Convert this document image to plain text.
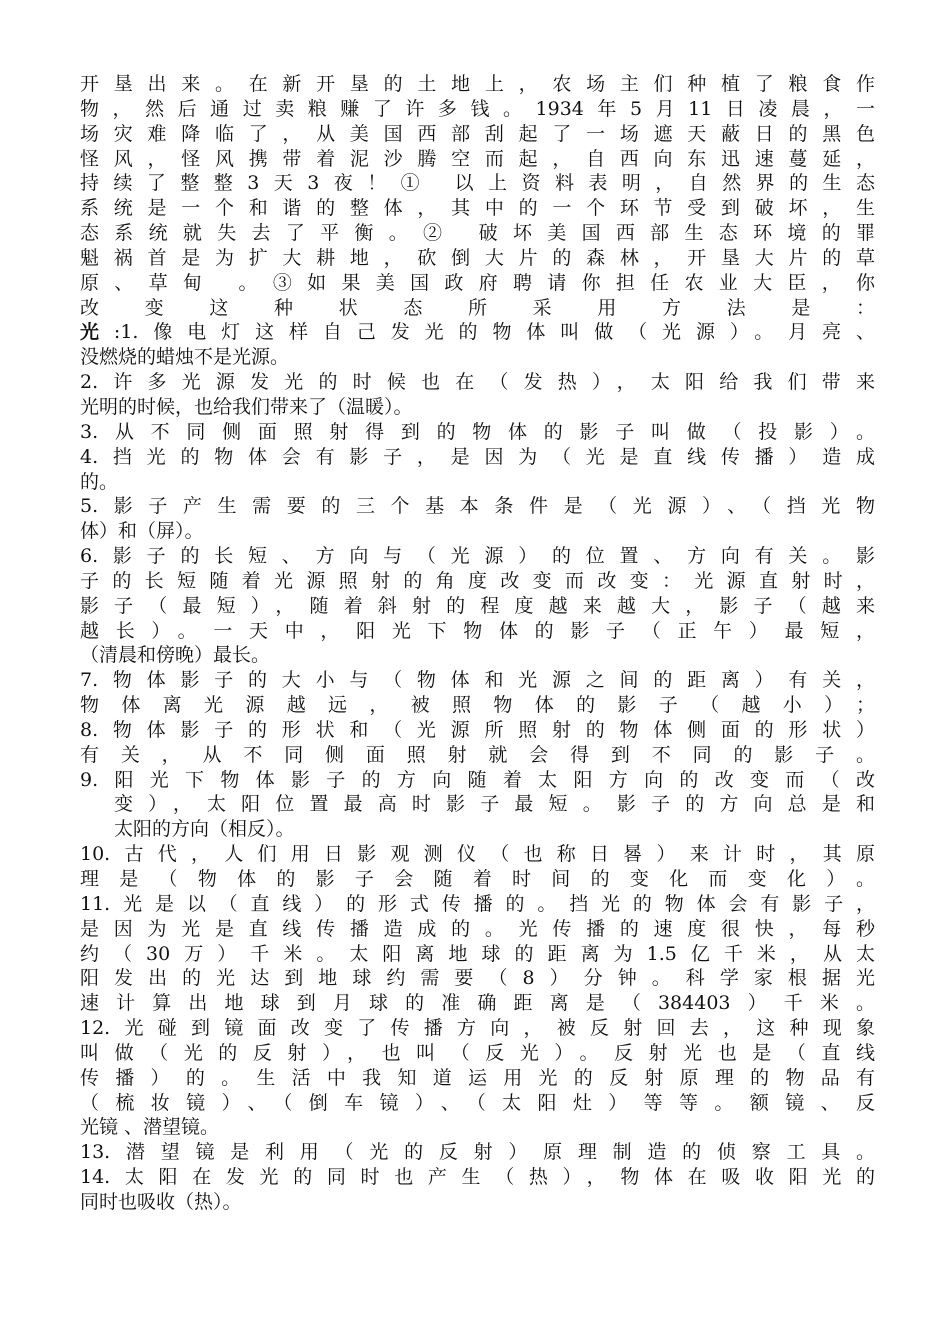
开垦出来。在新开垦的土地上，农场主们种植了粮食作
物，然后通过卖粮赚了许多钱。1934年5月11日凌晨，一
场灾难降临了，从美国西部刮起了一场遮天蔽日的黑色
怪风，怪风携带着泥沙腾空而起，自西向东迅速蔓延，
持续了整整3天3夜！① 以上资料表明，自然界的生态
系统是一个和谐的整体，其中的一个环节受到破坏，生
态系统就失去了平衡。② 破坏美国西部生态环境的罪
魁祸首是为扩大耕地，砍倒大片的森林，开垦大片的草
原、草甸 。③如果美国政府聘请你担任农业大臣，你
改变这种状态所采用方法是：
光:1.像电灯这样自己发光的物体叫做（光源）。月亮、
没燃烧的蜡烛不是光源。
2.许多光源发光的时候也在（发热），太阳给我们带来
光明的时候，也给我们带来了（温暖）。
3.从不同侧面照射得到的物体的影子叫做（投影）。
4.挡光的物体会有影子，是因为（光是直线传播）造成
的。
5.影子产生需要的三个基本条件是（光源）、（挡光物
体）和（屏）。
6.影子的长短、方向与（光源）的位置、方向有关。影
子的长短随着光源照射的角度改变而改变：光源直射时，
影子（最短），随着斜射的程度越来越大，影子（越来
越长）。一天中，阳光下物体的影子（正午）最短，
（清晨和傍晚）最长。
7.物体影子的大小与（物体和光源之间的距离）有关，
物体离光源越远，被照物体的影子（越小）；
8.物体影子的形状和（光源所照射的物体侧面的形状）
有关，从不同侧面照射就会得到不同的影子。
9.阳光下物体影子的方向随着太阳方向的改变而（改
变），太阳位置最高时影子最短。影子的方向总是和
太阳的方向（相反）。
10.古代，人们用日影观测仪（也称日晷）来计时，其原
理是（物体的影子会随着时间的变化而变化）。
11.光是以（直线）的形式传播的。挡光的物体会有影子，
是因为光是直线传播造成的。光传播的速度很快，每秒
约（30万）千米。太阳离地球的距离为1.5亿千米，从太
阳发出的光达到地球约需要（8）分钟。科学家根据光
速计算出地球到月球的准确距离是（384403）千米。
12.光碰到镜面改变了传播方向，被反射回去，这种现象
叫做（光的反射），也叫（反光）。反射光也是（直线
传播）的。生活中我知道运用光的反射原理的物品有
（梳妆镜）、（倒车镜）、（太阳灶）等等。额镜、反
光镜 、潜望镜。
13.潜望镜是利用（光的反射）原理制造的侦察工具。
14.太阳在发光的同时也产生（热），物体在吸收阳光的
同时也吸收（热）。
